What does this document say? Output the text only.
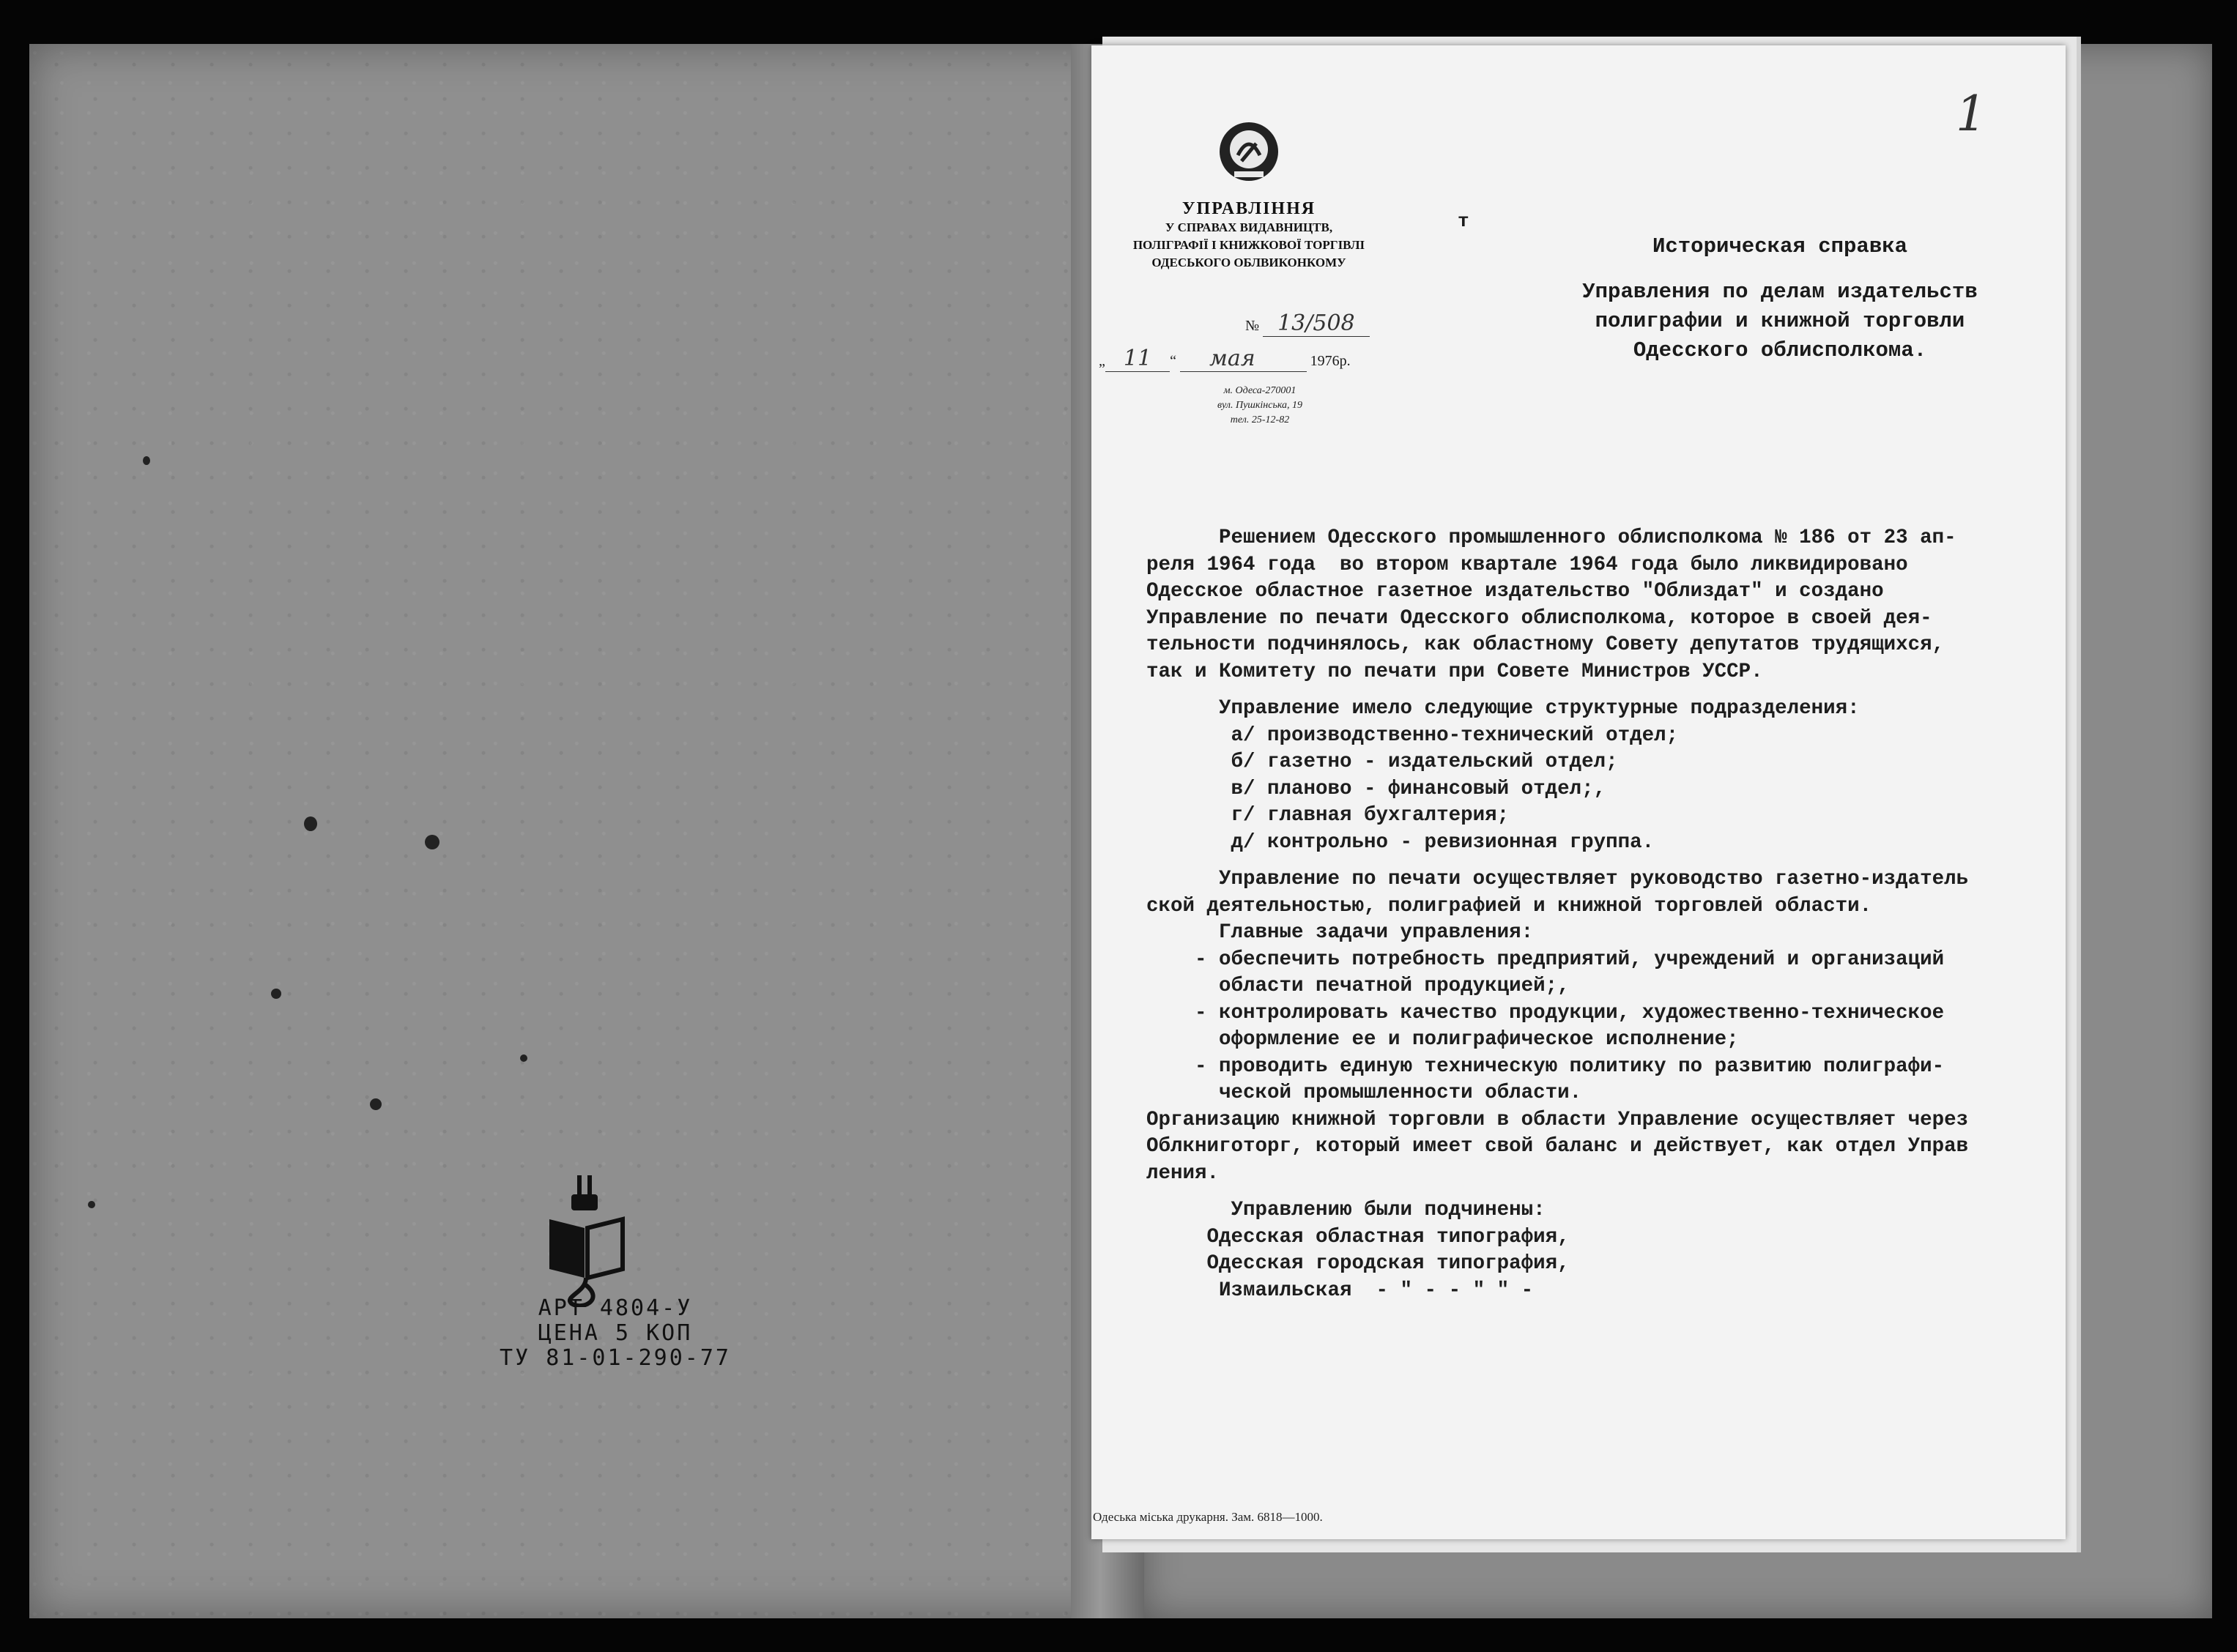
АРТ 4804-У
ЦЕНА 5 КОП
ТУ 81-01-290-77
УПРАВЛІННЯ
У СПРАВАХ ВИДАВНИЦТВ,
ПОЛІГРАФІЇ І КНИЖКОВОЇ ТОРГІВЛІ
ОДЕСЬКОГО ОБЛВИКОНКОМУ
№ 13/508
„ 11 “ мая	1976р.
м. Одеса-270001
вул. Пушкінська, 19
тел. 25-12-82
т
1
Историческая справка
Управления по делам издательств
полиграфии и книжной торговли
Одесского облисполкома.
Решением Одесского промышленного облисполкома № 186 от 23 ап-
реля 1964 года  во втором квартале 1964 года было ликвидировано
Одесское областное газетное издательство "Облиздат" и создано
Управление по печати Одесского облисполкома, которое в своей дея-
тельности подчинялось, как областному Совету депутатов трудящихся,
так и Комитету по печати при Совете Министров УССР.
Управление имело следующие структурные подразделения:
а/ производственно-технический отдел;
б/ газетно - издательский отдел;
в/ планово - финансовый отдел;,
г/ главная бухгалтерия;
д/ контрольно - ревизионная группа.
Управление по печати осуществляет руководство газетно-издатель
ской деятельностью, полиграфией и книжной торговлей области.
Главные задачи управления:
- обеспечить потребность предприятий, учреждений и организаций
области печатной продукцией;,
- контролировать качество продукции, художественно-техническое
оформление ее и полиграфическое исполнение;
- проводить единую техническую политику по развитию полиграфи-
ческой промышленности области.
Организацию книжной торговли в области Управление осуществляет через
Облкниготорг, который имеет свой баланс и действует, как отдел Управ
ления.
Управлению были подчинены:
Одесская областная типография,
Одесская городская типография,
Измаильская  - " - - " " -
Одеська міська друкарня. Зам. 6818—1000.
